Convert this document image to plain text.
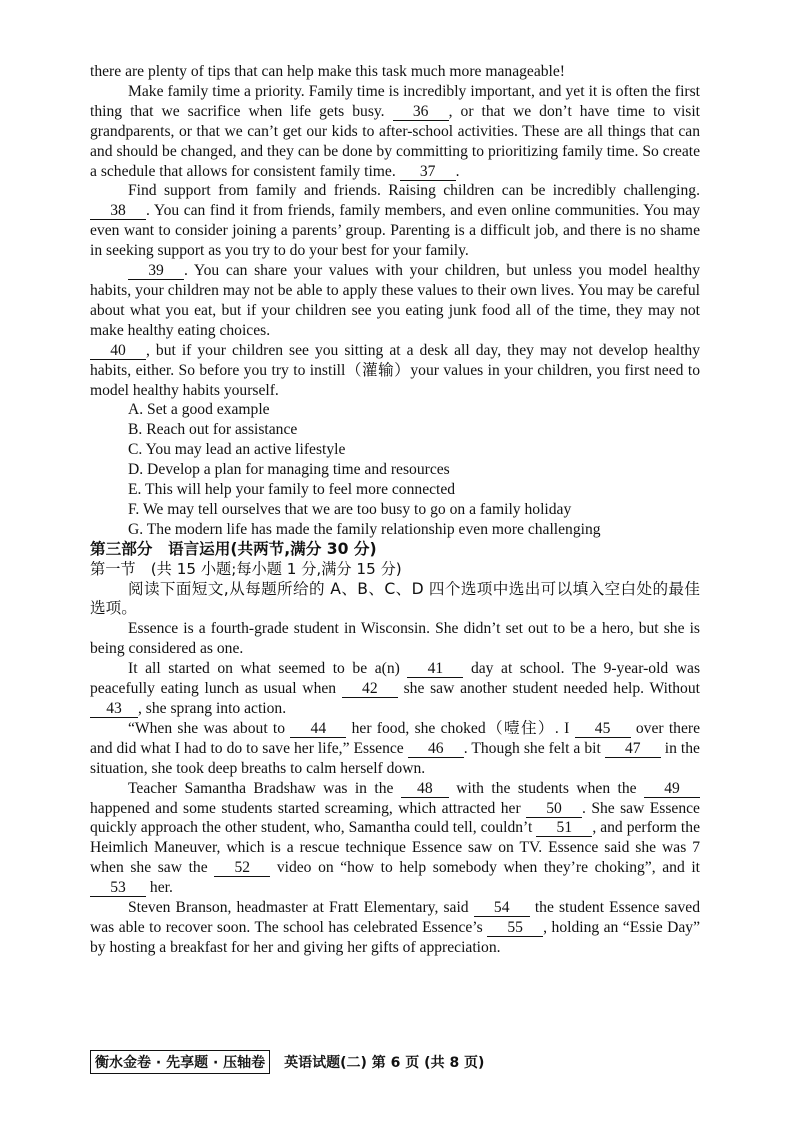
there are plenty of tips that can help make this task much more manageable!

Make family time a priority. Family time is incredibly important, and yet it is often the first thing that we sacrifice when life gets busy. 36 , or that we don’t have time to visit grandparents, or that we can’t get our kids to after-school activities. These are all things that can and should be changed, and they can be done by committing to prioritizing family time. So create a schedule that allows for consistent family time. 37 .

Find support from family and friends. Raising children can be incredibly challenging. 38 . You can find it from friends, family members, and even online communities. You may even want to consider joining a parents’ group. Parenting is a difficult job, and there is no shame in seeking support as you try to do your best for your family.

39 . You can share your values with your children, but unless you model healthy habits, your children may not be able to apply these values to their own lives. You may be careful about what you eat, but if your children see you eating junk food all of the time, they may not make healthy eating choices.

40 , but if your children see you sitting at a desk all day, they may not develop healthy habits, either. So before you try to instill（灌输）your values in your children, you first need to model healthy habits yourself.

A. Set a good example

B. Reach out for assistance

C. You may lead an active lifestyle

D. Develop a plan for managing time and resources

E. This will help your family to feel more connected

F. We may tell ourselves that we are too busy to go on a family holiday

G. The modern life has made the family relationship even more challenging

第三部分　语言运用(共两节,满分 30 分)

第一节　(共 15 小题;每小题 1 分,满分 15 分)

阅读下面短文,从每题所给的 A、B、C、D 四个选项中选出可以填入空白处的最佳选项。

Essence is a fourth-grade student in Wisconsin. She didn’t set out to be a hero, but she is being considered as one.

It all started on what seemed to be a(n) 41 day at school. The 9-year-old was peacefully eating lunch as usual when 42 she saw another student needed help. Without 43 , she sprang into action.

“When she was about to 44 her food, she choked（噎住）. I 45 over there and did what I had to do to save her life,” Essence 46 . Though she felt a bit 47 in the situation, she took deep breaths to calm herself down.

Teacher Samantha Bradshaw was in the 48 with the students when the 49 happened and some students started screaming, which attracted her 50 . She saw Essence quickly approach the other student, who, Samantha could tell, couldn’t 51 , and perform the Heimlich Maneuver, which is a rescue technique Essence saw on TV. Essence said she was 7 when she saw the 52 video on “how to help somebody when they’re choking”, and it 53 her.

Steven Branson, headmaster at Fratt Elementary, said 54 the student Essence saved was able to recover soon. The school has celebrated Essence’s 55 , holding an “Essie Day” by hosting a breakfast for her and giving her gifts of appreciation.

衡水金卷 · 先享题 · 压轴卷	英语试题(二) 第 6 页 (共 8 页)
